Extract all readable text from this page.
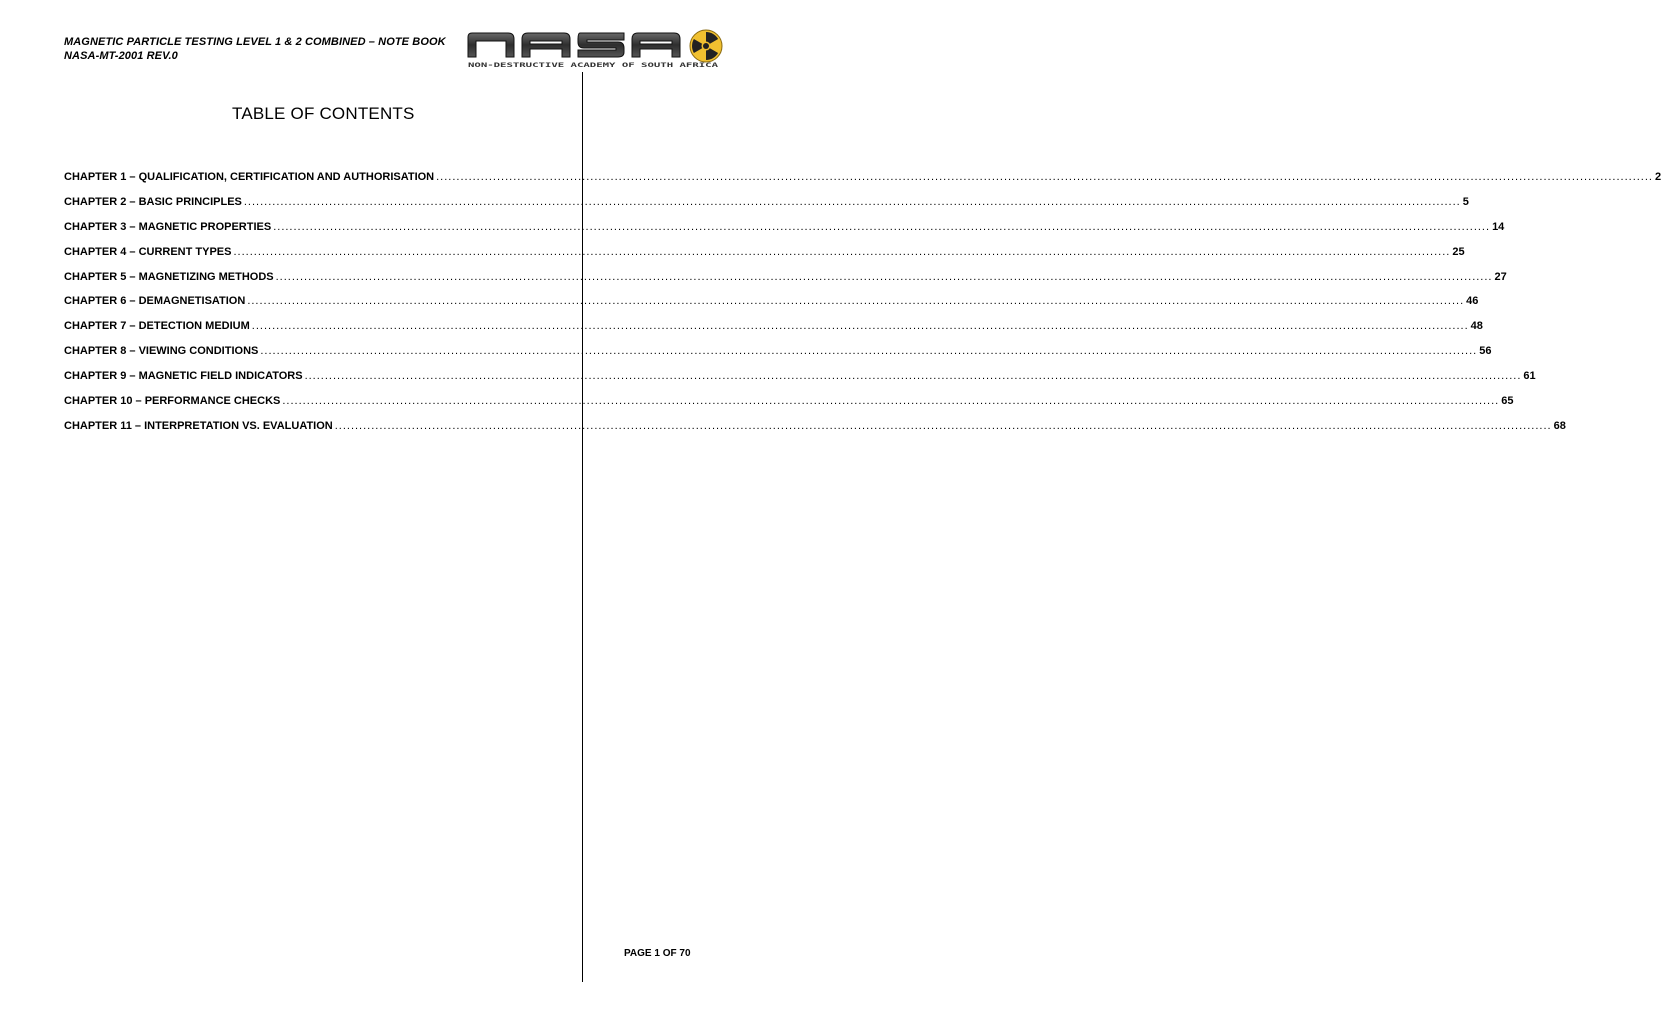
MAGNETIC PARTICLE TESTING LEVEL 1 & 2 COMBINED – NOTE BOOK
NASA-MT-2001 REV.0
NON-DESTRUCTIVE ACADEMY OF SOUTH AFRICA
TABLE OF CONTENTS
CHAPTER 1 – QUALIFICATION, CERTIFICATION AND AUTHORISATION ............................................................................................................................................................................................................................................................................................................ 2
CHAPTER 2 – BASIC PRINCIPLES ............................................................................................................................................................................................................................................................................................................ 5
CHAPTER 3 – MAGNETIC PROPERTIES ............................................................................................................................................................................................................................................................................................................ 14
CHAPTER 4 – CURRENT TYPES ............................................................................................................................................................................................................................................................................................................ 25
CHAPTER 5 – MAGNETIZING METHODS ............................................................................................................................................................................................................................................................................................................ 27
CHAPTER 6 – DEMAGNETISATION ............................................................................................................................................................................................................................................................................................................ 46
CHAPTER 7 – DETECTION MEDIUM ............................................................................................................................................................................................................................................................................................................ 48
CHAPTER 8 – VIEWING CONDITIONS ............................................................................................................................................................................................................................................................................................................ 56
CHAPTER 9 – MAGNETIC FIELD INDICATORS ............................................................................................................................................................................................................................................................................................................ 61
CHAPTER 10 – PERFORMANCE CHECKS ............................................................................................................................................................................................................................................................................................................ 65
CHAPTER 11 – INTERPRETATION VS. EVALUATION ............................................................................................................................................................................................................................................................................................................ 68
PAGE 1 OF 70
